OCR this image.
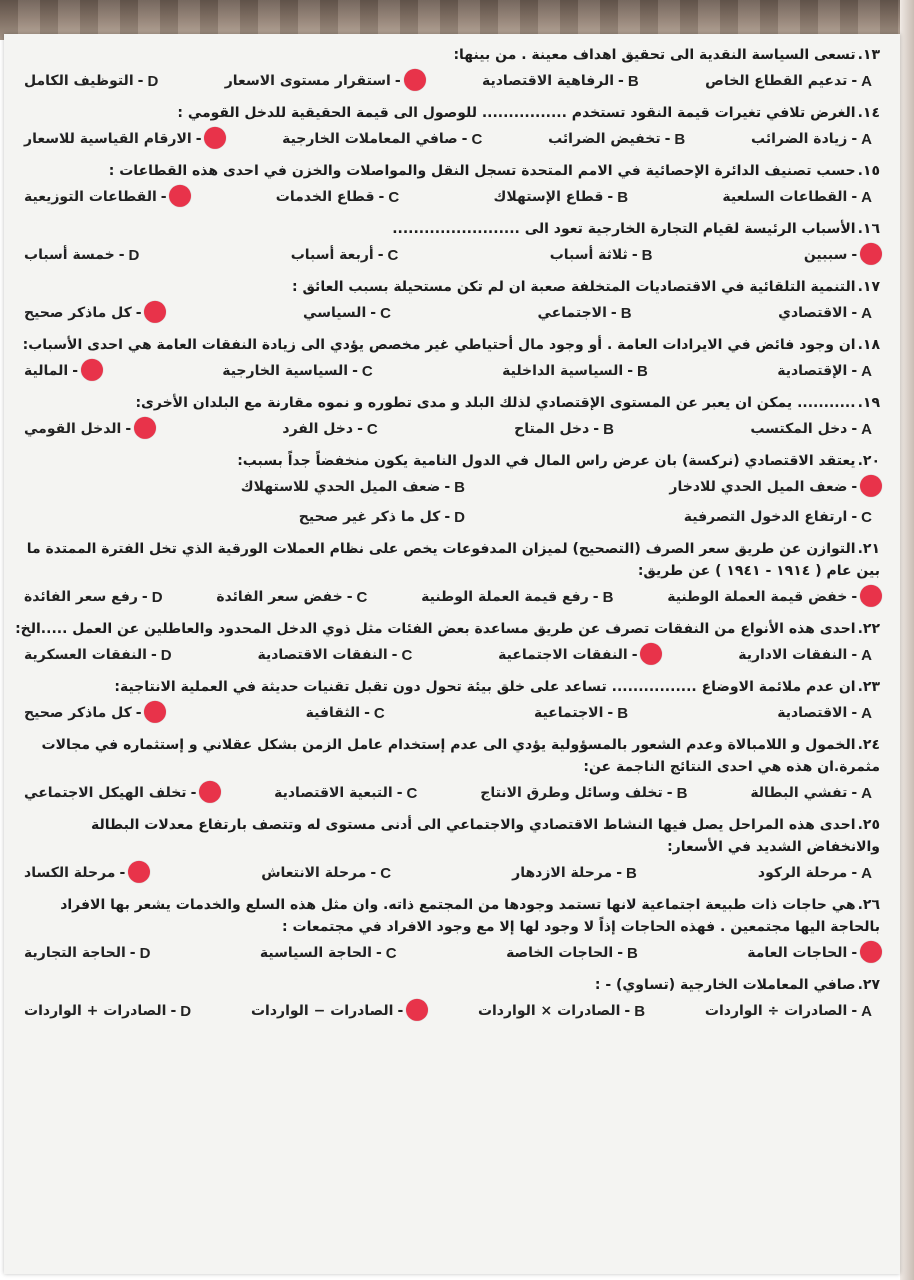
١٣.تسعى السياسة النقدية الى تحقيق اهداف معينة . من بينها:
A
-
تدعيم القطاع الخاص
B
-
الرفاهية الاقتصادية
-
استقرار مستوى الاسعار
D
-
التوظيف الكامل
١٤.الغرض تلافي تغيرات قيمة النقود تستخدم ................ للوصول الى قيمة الحقيقية للدخل القومي :
A
-
زيادة الضرائب
B
-
تخفيض الضرائب
C
-
صافي المعاملات الخارجية
-
الارقام القياسية للاسعار
١٥.حسب تصنيف الدائرة الإحصائية في الامم المتحدة تسجل النقل والمواصلات والخزن في احدى هذه القطاعات :
A
-
القطاعات السلعية
B
-
قطاع الإستهلاك
C
-
قطاع الخدمات
-
القطاعات التوزيعية
١٦.الأسباب الرئيسة لقيام التجارة الخارجية تعود الى ........................
-
سببين
B
-
ثلاثة أسباب
C
-
أربعة أسباب
D
-
خمسة أسباب
١٧.التنمية التلقائية في الاقتصاديات المتخلفة صعبة ان لم تكن مستحيلة بسبب العائق :
A
-
الاقتصادي
B
-
الاجتماعي
C
-
السياسي
-
كل ماذكر صحيح
١٨.ان وجود فائض في الايرادات العامة . أو وجود مال أحتياطي غير مخصص يؤدي الى زيادة النفقات العامة هي احدى الأسباب:
A
-
الإقتصادية
B
-
السياسية الداخلية
C
-
السياسية الخارجية
-
المالية
١٩............ يمكن ان يعبر عن المستوى الإقتصادي لذلك البلد و مدى تطوره و نموه مقارنة مع البلدان الأخرى:
A
-
دخل المكتسب
B
-
دخل المتاح
C
-
دخل الفرد
-
الدخل القومي
٢٠.يعتقد الاقتصادي (نركسة) بان عرض راس المال في الدول النامية يكون منخفضاً جداً بسبب:
-
ضعف الميل الحدي للادخار
B
-
ضعف الميل الحدي للاستهلاك
C
-
ارتفاع الدخول التصرفية
D
-
كل ما ذكر غير صحيح
٢١.التوازن عن طريق سعر الصرف (التصحيح) لميزان المدفوعات يخص على نظام العملات الورقية الذي تخل الفترة الممتدة ما بين عام ( ١٩١٤ - ١٩٤١ ) عن طريق:
-
خفض قيمة العملة الوطنية
B
-
رفع قيمة العملة الوطنية
C
-
خفض سعر الفائدة
D
-
رفع سعر الفائدة
٢٢.احدى هذه الأنواع من النفقات تصرف عن طريق مساعدة بعض الفئات مثل ذوي الدخل المحدود والعاطلين عن العمل .....الخ:
A
-
النفقات الادارية
-
النفقات الاجتماعية
C
-
النفقات الاقتصادية
D
-
النفقات العسكرية
٢٣.ان عدم ملائمة الاوضاع ................ تساعد على خلق بيئة تحول دون تقبل تقنيات حديثة في العملية الانتاجية:
A
-
الاقتصادية
B
-
الاجتماعية
C
-
الثقافية
-
كل ماذكر صحيح
٢٤.الخمول و اللامبالاة وعدم الشعور بالمسؤولية يؤدي الى عدم إستخدام عامل الزمن بشكل عقلاني و إستثماره في مجالات مثمرة.ان هذه هي احدى النتائج الناجمة عن:
A
-
تفشي البطالة
B
-
تخلف وسائل وطرق الانتاج
C
-
التبعية الاقتصادية
-
تخلف الهيكل الاجتماعي
٢٥.احدى هذه المراحل يصل فيها النشاط الاقتصادي والاجتماعي الى أدنى مستوى له وتتصف بارتفاع معدلات البطالة والانخفاض الشديد في الأسعار:
A
-
مرحلة الركود
B
-
مرحلة الازدهار
C
-
مرحلة الانتعاش
-
مرحلة الكساد
٢٦.هي حاجات ذات طبيعة اجتماعية لانها تستمد وجودها من المجتمع ذاته. وان مثل هذه السلع والخدمات يشعر بها الافراد بالحاجة اليها مجتمعين . فهذه الحاجات إذاً لا وجود لها إلا مع وجود الافراد في مجتمعات :
-
الحاجات العامة
B
-
الحاجات الخاصة
C
-
الحاجة السياسية
D
-
الحاجة التجارية
٢٧.صافي المعاملات الخارجية (تساوي) - :
A
-
الصادرات ÷ الواردات
B
-
الصادرات × الواردات
-
الصادرات − الواردات
D
-
الصادرات + الواردات
